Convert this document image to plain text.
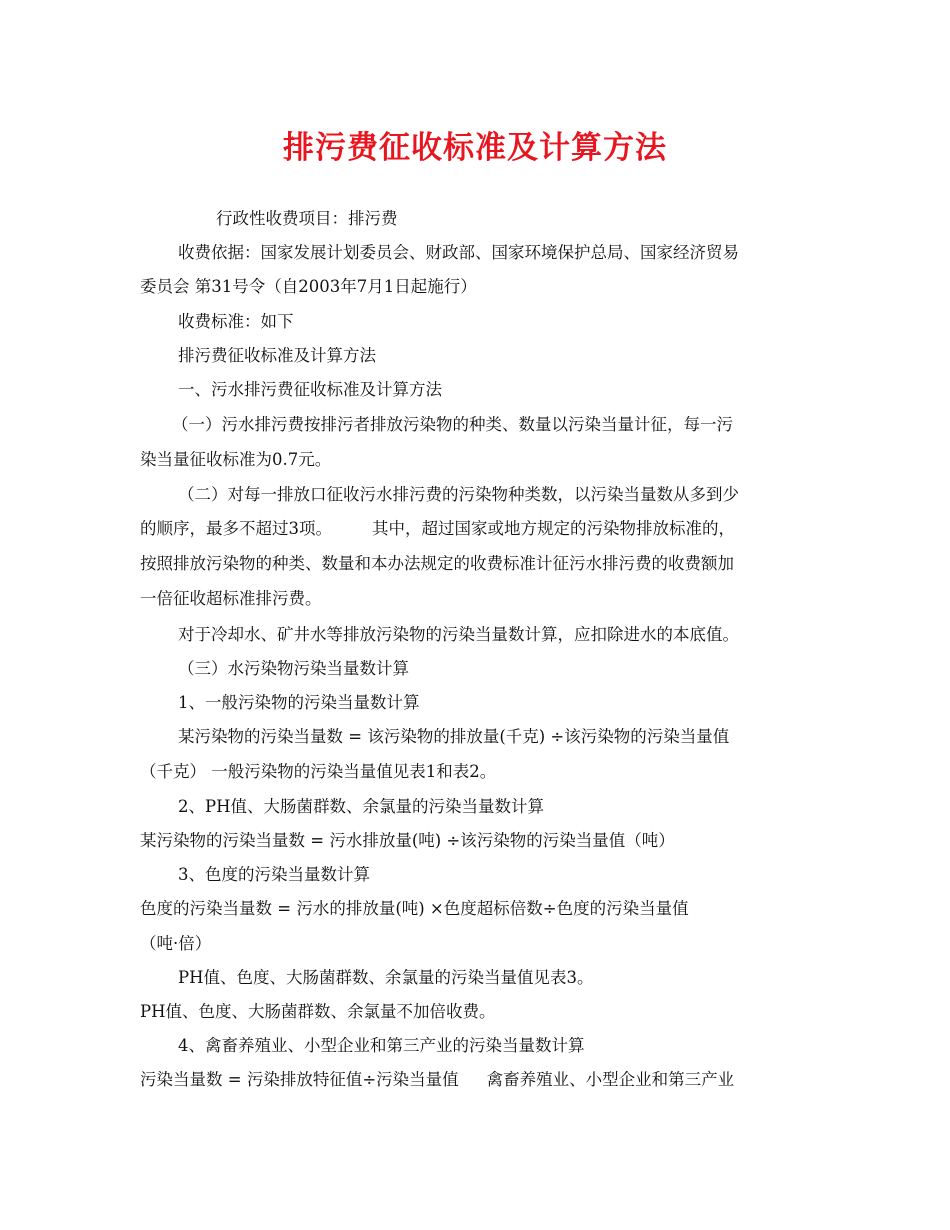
排污费征收标准及计算方法
行政性收费项目：排污费
收费依据：国家发展计划委员会、财政部、国家环境保护总局、国家经济贸易
委员会 第31号令（自2003年7月1日起施行）
收费标准：如下
排污费征收标准及计算方法
一、污水排污费征收标准及计算方法
（一）污水排污费按排污者排放污染物的种类、数量以污染当量计征，每一污
染当量征收标准为0.7元。
（二）对每一排放口征收污水排污费的污染物种类数，以污染当量数从多到少
的顺序，最多不超过3项。 其中，超过国家或地方规定的污染物排放标准的，
按照排放污染物的种类、数量和本办法规定的收费标准计征污水排污费的收费额加
一倍征收超标准排污费。
对于冷却水、矿井水等排放污染物的污染当量数计算，应扣除进水的本底值。
（三）水污染物污染当量数计算
1、一般污染物的污染当量数计算
某污染物的污染当量数 = 该污染物的排放量(千克) ÷该污染物的污染当量值
（千克） 一般污染物的污染当量值见表1和表2。
2、PH值、大肠菌群数、余氯量的污染当量数计算
某污染物的污染当量数 = 污水排放量(吨) ÷该污染物的污染当量值（吨）
3、色度的污染当量数计算
色度的污染当量数 = 污水的排放量(吨) ×色度超标倍数÷色度的污染当量值
（吨·倍）
PH值、色度、大肠菌群数、余氯量的污染当量值见表3。
PH值、色度、大肠菌群数、余氯量不加倍收费。
4、禽畜养殖业、小型企业和第三产业的污染当量数计算
污染当量数 = 污染排放特征值÷污染当量值 禽畜养殖业、小型企业和第三产业
